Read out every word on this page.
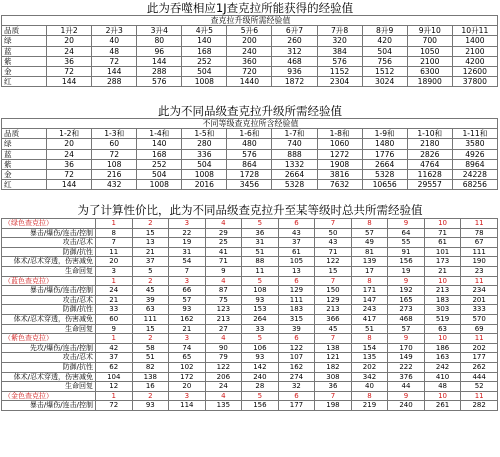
此为吞噬相应1J查克拉所能获得的经验值
查克拉升级所需经验值										
品质	1升2	2升3	3升4	4升5	5升6	6升7	7升8	8升9	9升10	10升11
绿	20	40	80	140	200	260	320	420	700	1400
蓝	24	48	96	168	240	312	384	504	1050	2100
紫	36	72	144	252	360	468	576	756	2100	4200
金	72	144	288	504	720	936	1152	1512	6300	12600
红	144	288	576	1008	1440	1872	2304	3024	18900	37800
此为不同品级查克拉升级所需经验值
不同等级查克拉所含经验值										
品质	1-2和	1-3和	1-4和	1-5和	1-6和	1-7和	1-8和	1-9和	1-10和	1-11和
绿	20	60	140	280	480	740	1060	1480	2180	3580
蓝	24	72	168	336	576	888	1272	1776	2826	4926
紫	36	108	252	504	864	1332	1908	2664	4764	8964
金	72	216	504	1008	1728	2664	3816	5328	11628	24228
红	144	432	1008	2016	3456	5328	7632	10656	29557	68256
为了计算性价比，此为不同品级查克拉升至某等级时总共所需经验值
（绿色查克拉）	1	2	3	4	5	6	7	8	9	10	11
暴击/爆伤/连击/控制	8	15	22	29	36	43	50	57	64	71	78
攻击/忍术	7	13	19	25	31	37	43	49	55	61	67
防御/抗性	11	21	31	41	51	61	71	81	91	101	111
体术/忍术穿透，伤害减免	20	37	54	71	88	105	122	139	156	173	190
生命回复	3	5	7	9	11	13	15	17	19	21	23
（蓝色查克拉）	1	2	3	4	5	6	7	8	9	10	11
暴击/爆伤/连击/控制	24	45	66	87	108	129	150	171	192	213	234
攻击/忍术	21	39	57	75	93	111	129	147	165	183	201
防御/抗性	33	63	93	123	153	183	213	243	273	303	333
体术/忍术穿透，伤害减免	60	111	162	213	264	315	366	417	468	519	570
生命回复	9	15	21	27	33	39	45	51	57	63	69
（紫色查克拉）	1	2	3	4	5	6	7	8	9	10	11
先攻/爆伤/连击/控制	42	58	74	90	106	122	138	154	170	186	202
攻击/忍术	37	51	65	79	93	107	121	135	149	163	177
防御/抗性	62	82	102	122	142	162	182	202	222	242	262
体术/忍术穿透，伤害减免	104	138	172	206	240	274	308	342	376	410	444
生命回复	12	16	20	24	28	32	36	40	44	48	52
（金色查克拉）	1	2	3	4	5	6	7	8	9	10	11
暴击/爆伤/连击/控制	72	93	114	135	156	177	198	219	240	261	282
